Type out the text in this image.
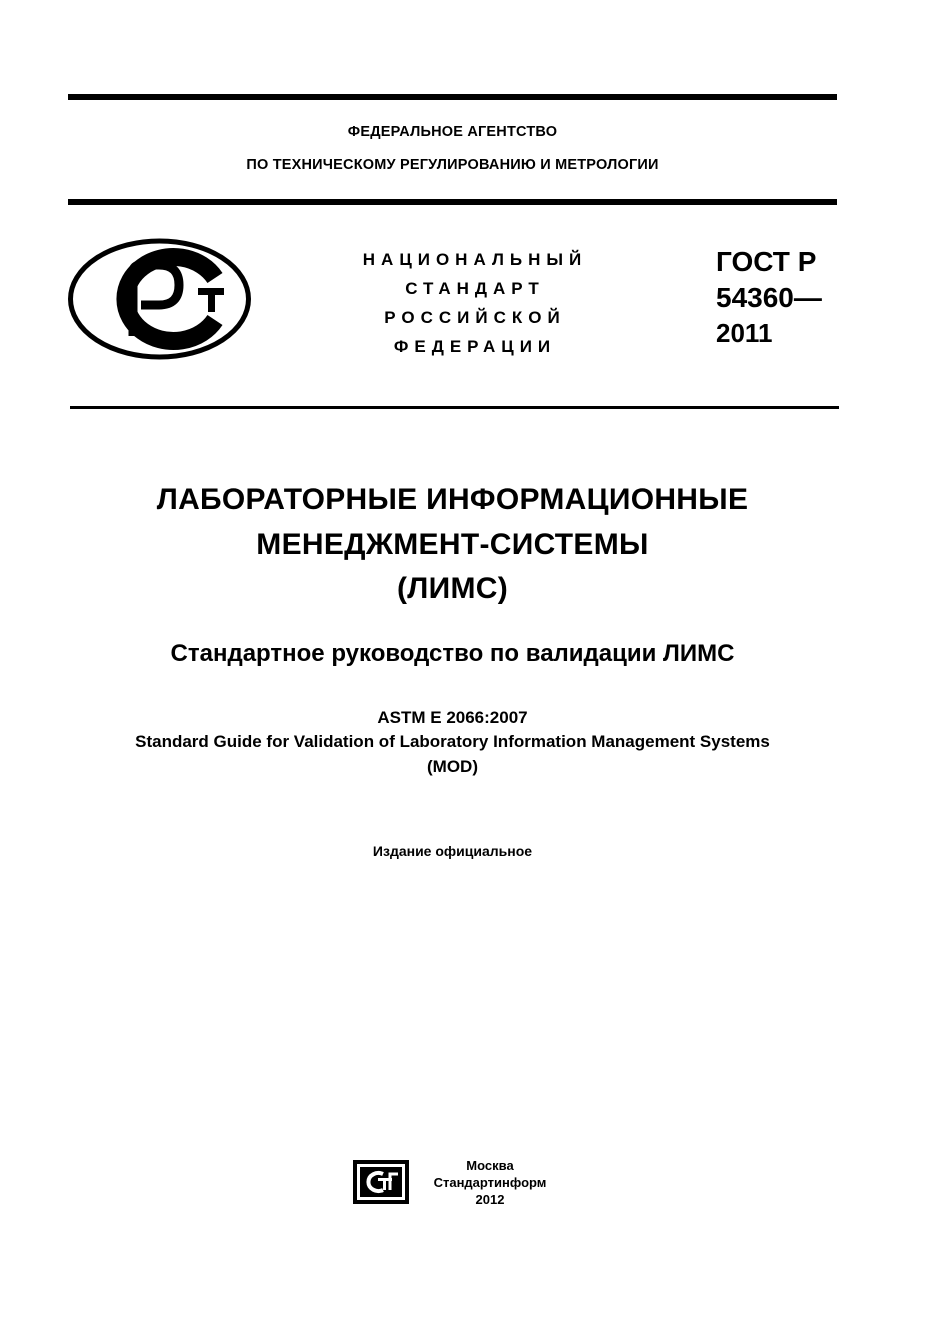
ФЕДЕРАЛЬНОЕ АГЕНТСТВО
ПО ТЕХНИЧЕСКОМУ РЕГУЛИРОВАНИЮ И МЕТРОЛОГИИ
НАЦИОНАЛЬНЫЙ
СТАНДАРТ
РОССИЙСКОЙ
ФЕДЕРАЦИИ
ГОСТ Р
54360—
2011
ЛАБОРАТОРНЫЕ ИНФОРМАЦИОННЫЕ
МЕНЕДЖМЕНТ-СИСТЕМЫ
(ЛИМС)
Стандартное руководство по валидации ЛИМС
ASTM E 2066:2007
Standard Guide for Validation of Laboratory Information Management Systems
(MOD)
Издание официальное
Москва
Стандартинформ
2012
